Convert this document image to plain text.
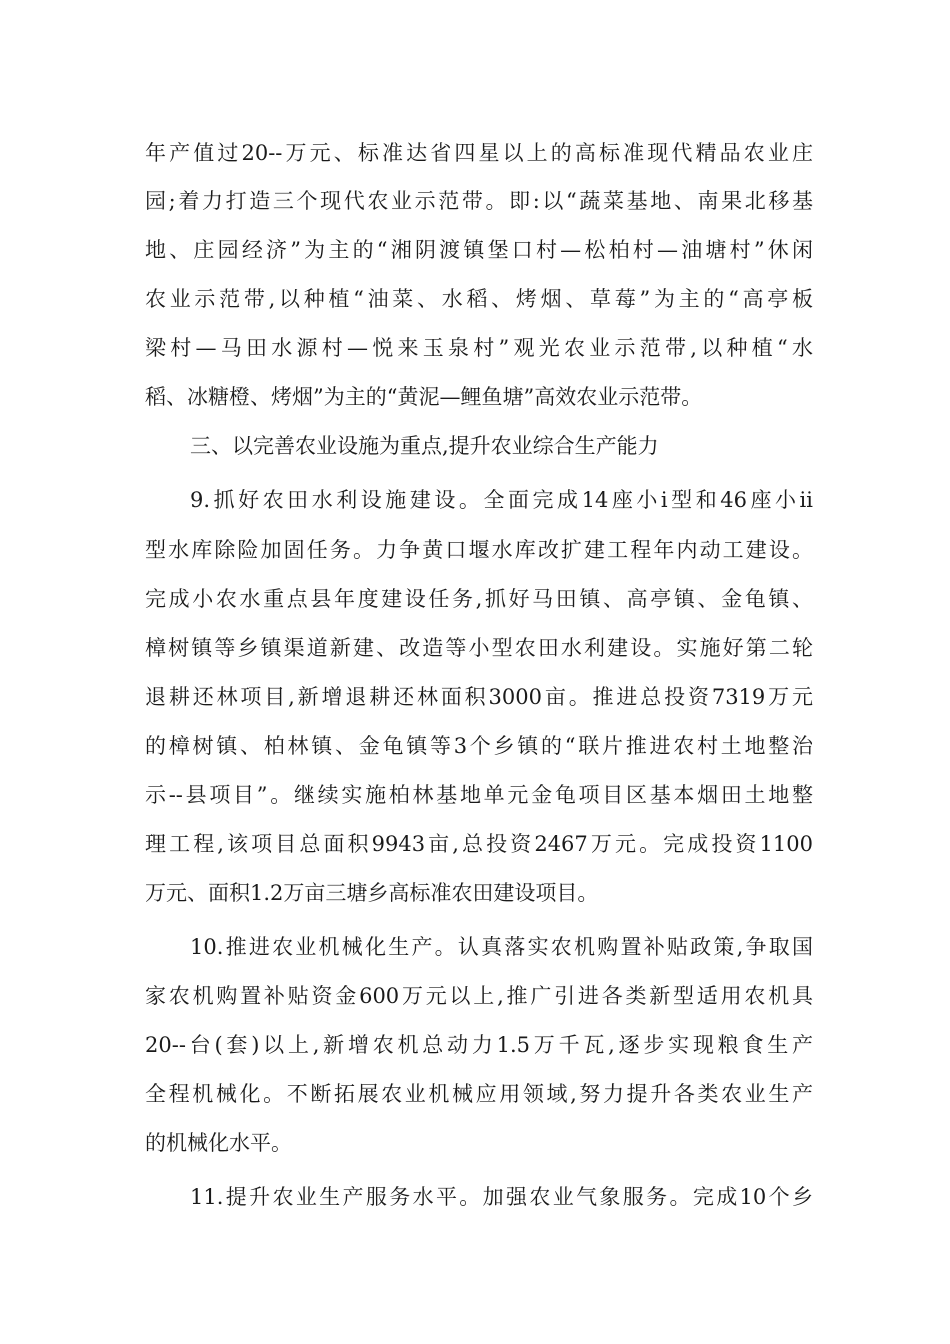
年产值过20--万元、标准达省四星以上的高标准现代精品农业庄
园;着力打造三个现代农业示范带。即:以“蔬菜基地、南果北移基
地、庄园经济”为主的“湘阴渡镇堡口村—松柏村—油塘村”休闲
农业示范带,以种植“油菜、水稻、烤烟、草莓”为主的“高亭板
梁村—马田水源村—悦来玉泉村”观光农业示范带,以种植“水
稻、冰糖橙、烤烟”为主的“黄泥—鲤鱼塘”高效农业示范带。
三、以完善农业设施为重点,提升农业综合生产能力
9.抓好农田水利设施建设。全面完成14座小ⅰ型和46座小ⅱ
型水库除险加固任务。力争黄口堰水库改扩建工程年内动工建设。
完成小农水重点县年度建设任务,抓好马田镇、高亭镇、金龟镇、
樟树镇等乡镇渠道新建、改造等小型农田水利建设。实施好第二轮
退耕还林项目,新增退耕还林面积3000亩。推进总投资7319万元
的樟树镇、柏林镇、金龟镇等3个乡镇的“联片推进农村土地整治
示--县项目”。继续实施柏林基地单元金龟项目区基本烟田土地整
理工程,该项目总面积9943亩,总投资2467万元。完成投资1100
万元、面积1.2万亩三塘乡高标准农田建设项目。
10.推进农业机械化生产。认真落实农机购置补贴政策,争取国
家农机购置补贴资金600万元以上,推广引进各类新型适用农机具
20--台(套)以上,新增农机总动力1.5万千瓦,逐步实现粮食生产
全程机械化。不断拓展农业机械应用领域,努力提升各类农业生产
的机械化水平。
11.提升农业生产服务水平。加强农业气象服务。完成10个乡
